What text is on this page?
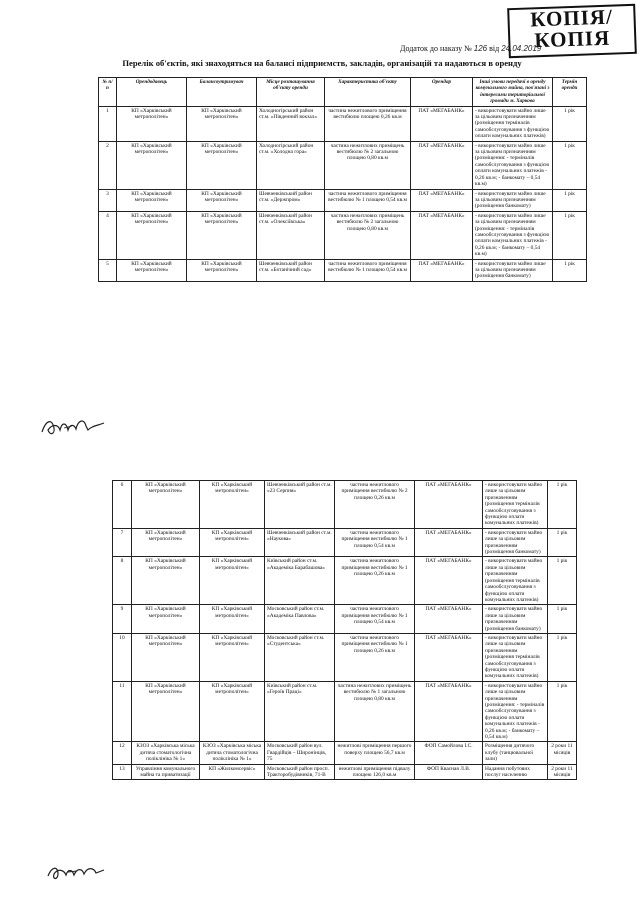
КОПІЯ/
КОПІЯ
Додаток до наказу № 126 від 24.04.2019
Перелік об'єктів, які знаходяться на балансі підприємств, закладів, організацій та надаються в оренду
№ п/п	Орендодавець	Балансоутримувач	Місце розташування об'єкту оренди	Характеристика об'єкту	Орендар	Інші умови передачі в оренду комунального майна, пов'язані з інтересами територіальної громади м. Харкова	Термін оренди
1	КП «Харківський метрополітен»	КП «Харківський метрополітен»	Холодногірський район ст.м. «Південний вокзал»	частина нежитлового приміщення вестибюлю площею 0,26 кв.м	ПАТ «МЕГАБАНК»	- використовувати майно лише за цільовим призначенням (розміщення терміналів самообслуговування з функцією оплати комунальних платежів)	1 рік
2	КП «Харківський метрополітен»	КП «Харківський метрополітен»	Холодногірський район ст.м. «Холодна гора»	частина нежитлових приміщень вестибюлю № 2 загальною площею 0,80 кв.м	ПАТ «МЕГАБАНК»	- використовувати майно лише за цільовим призначенням (розміщення: - терміналів самообслуговування з функцією оплати комунальних платежів - 0,26 кв.м; - банкомату – 0,54 кв.м)	1 рік
3	КП «Харківський метрополітен»	КП «Харківський метрополітен»	Шевченківський район ст.м. «Держпром»	частина нежитлового приміщення вестибюлю № 1 площею 0,54 кв.м	ПАТ «МЕГАБАНК»	- використовувати майно лише за цільовим призначенням (розміщення банкомату)	1 рік
4	КП «Харківський метрополітен»	КП «Харківський метрополітен»	Шевченківський район ст.м. «Олексіївська»	частина нежитлових приміщень вестибюлю № 2 загальною площею 0,80 кв.м	ПАТ «МЕГАБАНК»	- використовувати майно лише за цільовим призначенням (розміщення: - терміналів самообслуговування з функцією оплати комунальних платежів - 0,26 кв.м; - банкомату – 0,54 кв.м)	1 рік
5	КП «Харківський метрополітен»	КП «Харківський метрополітен»	Шевченківський район ст.м. «Ботанічний сад»	частина нежитлового приміщення вестибюлю № 1 площею 0,54 кв.м	ПАТ «МЕГАБАНК»	- використовувати майно лише за цільовим призначенням (розміщення банкомату)	1 рік
6	КП «Харківський метрополітен»	КП «Харківський метрополітен»	Шевченківський район ст.м. «23 Серпня»	частина нежитлового приміщення вестибюлю № 2 площею 0,26 кв.м	ПАТ «МЕГАБАНК»	- використовувати майно лише за цільовим призначенням (розміщення терміналів самообслуговування з функцією оплати комунальних платежів)	1 рік
7	КП «Харківський метрополітен»	КП «Харківський метрополітен»	Шевченківський район ст.м. «Наукова»	частина нежитлового приміщення вестибюлю № 1 площею 0,54 кв.м	ПАТ «МЕГАБАНК»	- використовувати майно лише за цільовим призначенням (розміщення банкомату)	1 рік
8	КП «Харківський метрополітен»	КП «Харківський метрополітен»	Київський район ст.м. «Академіка Барабашова»	частина нежитлового приміщення вестибюлю № 1 площею 0,26 кв.м	ПАТ «МЕГАБАНК»	- використовувати майно лише за цільовим призначенням (розміщення терміналів самообслуговування з функцією оплати комунальних платежів)	1 рік
9	КП «Харківський метрополітен»	КП «Харківський метрополітен»	Московський район ст.м. «Академіка Павлова»	частина нежитлового приміщення вестибюлю № 1 площею 0,54 кв.м	ПАТ «МЕГАБАНК»	- використовувати майно лише за цільовим призначенням (розміщення банкомату)	1 рік
10	КП «Харківський метрополітен»	КП «Харківський метрополітен»	Московський район ст.м. «Студентська»	частина нежитлового приміщення вестибюлю № 1 площею 0,26 кв.м	ПАТ «МЕГАБАНК»	- використовувати майно лише за цільовим призначенням (розміщення терміналів самообслуговування з функцією оплати комунальних платежів)	1 рік
11	КП «Харківський метрополітен»	КП «Харківський метрополітен»	Київський район ст.м. «Героїв Праці»	частина нежитлових приміщень вестибюлю № 1 загальною площею 0,80 кв.м	ПАТ «МЕГАБАНК»	- використовувати майно лише за цільовим призначенням (розміщення: - терміналів самообслуговування з функцією оплати комунальних платежів - 0,26 кв.м; - банкомату – 0,54 кв.м)	1 рік
12	КЗОЗ «Харківська міська дитяча стоматологічна поліклініка № 1»	КЗОЗ «Харківська міська дитяча стоматологічна поліклініка № 1»	Московський район вул. Гвардійців – Широнінців, 75	нежитлові приміщення першого поверху площею 56,7 кв.м	ФОП Самойлова І.С.	Розміщення дитячого клубу (танцювальної зали)	2 роки 11 місяців
13	Управління комунального майна та приватизації	КП «Жилкомсервіс»	Московський район просп. Тракторобудівників, 71-В	нежитлові приміщення підвалу площею 126,0 кв.м	ФОП Квасная Л.В.	Надання побутових послуг населенню	2 роки 11 місяців
